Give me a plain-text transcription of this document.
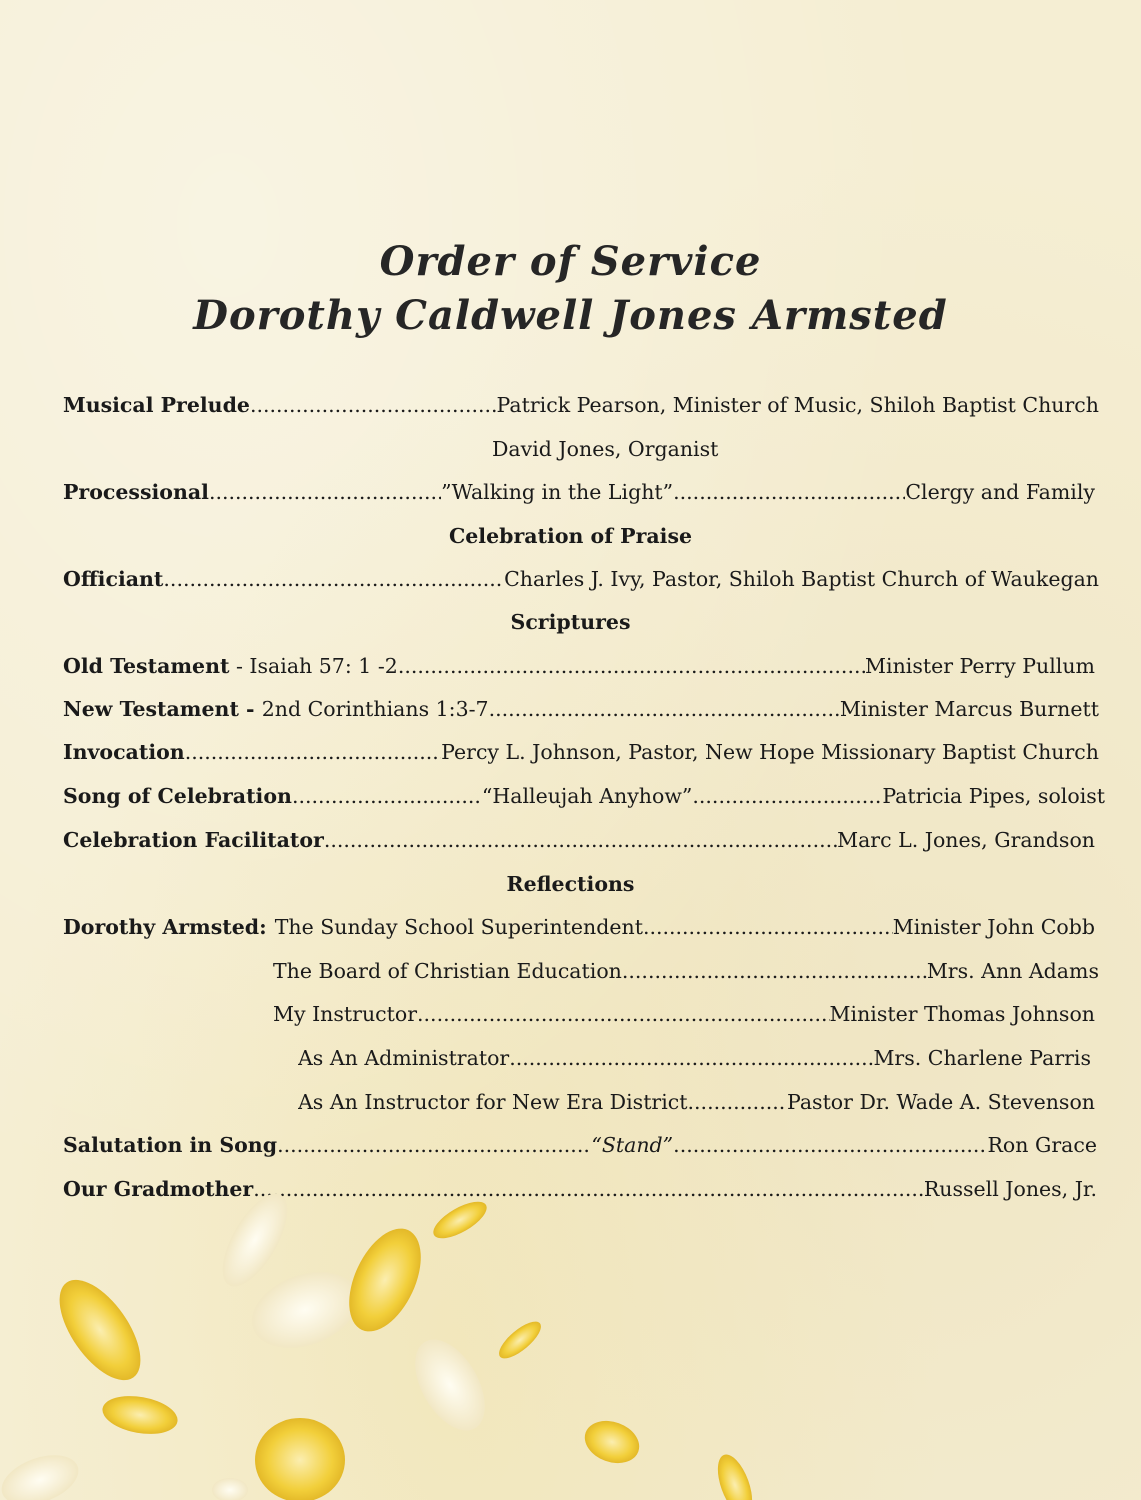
Order of Service
Dorothy Caldwell Jones Armsted
Musical Prelude .....	Patrick Pearson, Minister of Music, Shiloh Baptist Church
David Jones, Organist
Processional .....	”Walking in the Light” .....	Clergy and Family
Celebration of Praise
Officiant .....	Charles J. Ivy, Pastor, Shiloh Baptist Church of Waukegan
Scriptures
Old Testament - Isaiah 57: 1 -2 .....	Minister Perry Pullum
New Testament - 2nd Corinthians 1:3-7 .....	Minister Marcus Burnett
Invocation .....	Percy L. Johnson, Pastor, New Hope Missionary Baptist Church
Song of Celebration .....	“Halleujah Anyhow” .....	Patricia Pipes, soloist
Celebration Facilitator .....	Marc L. Jones, Grandson
Reflections
Dorothy Armsted: The Sunday School Superintendent .....	Minister John Cobb
The Board of Christian Education .....	Mrs. Ann Adams
My Instructor .....	Minister Thomas Johnson
As An Administrator .....	Mrs. Charlene Parris
As An Instructor for New Era District .....	Pastor Dr. Wade A. Stevenson
Salutation in Song .....	“Stand” .....	Ron Grace
Our Gradmother .....	Russell Jones, Jr.
